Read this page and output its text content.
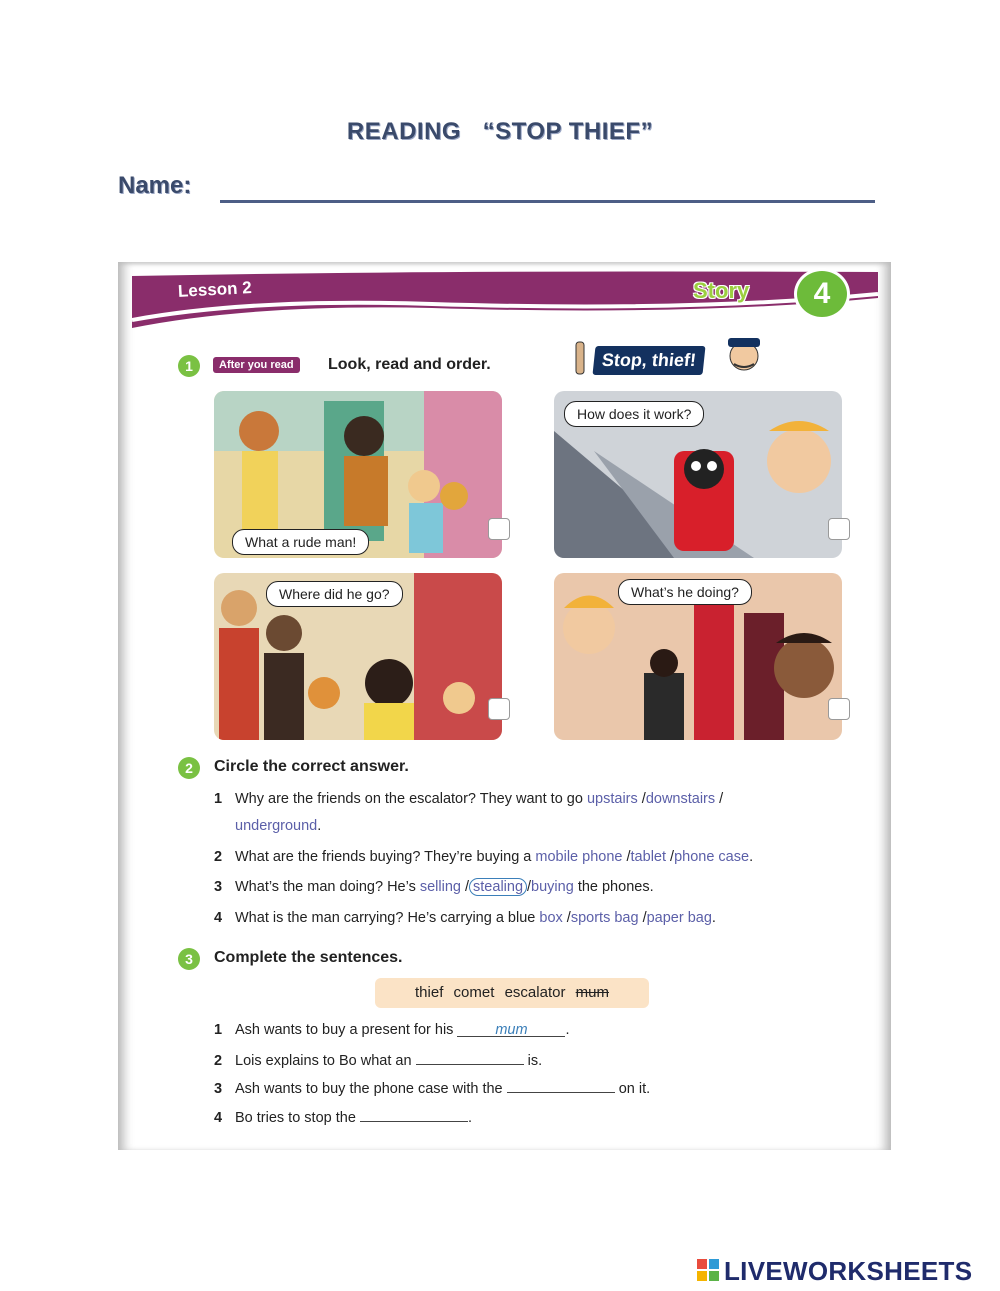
READING   “STOP THIEF”
Name:
Lesson 2	Story	4
1	After you read	Look, read and order.	Stop, thief!
What a rude man!
How does it work?
Where did he go?	What’s he doing?
2	Circle the correct answer.
1 Why are the friends on the escalator? They want to go upstairs /downstairs /
underground.
2 What are the friends buying? They’re buying a mobile phone /tablet /phone case.
3 What’s the man doing? He’s selling / stealing /buying the phones.
4 What is the man carrying? He’s carrying a blue box /sports bag /paper bag.
3	Complete the sentences.
thief comet escalator mum
1 Ash wants to buy a present for his	mum	.
2 Lois explains to Bo what an	is.
3 Ash wants to buy the phone case with the	on it.
4 Bo tries to stop the	.
LIVEWORKSHEETS
